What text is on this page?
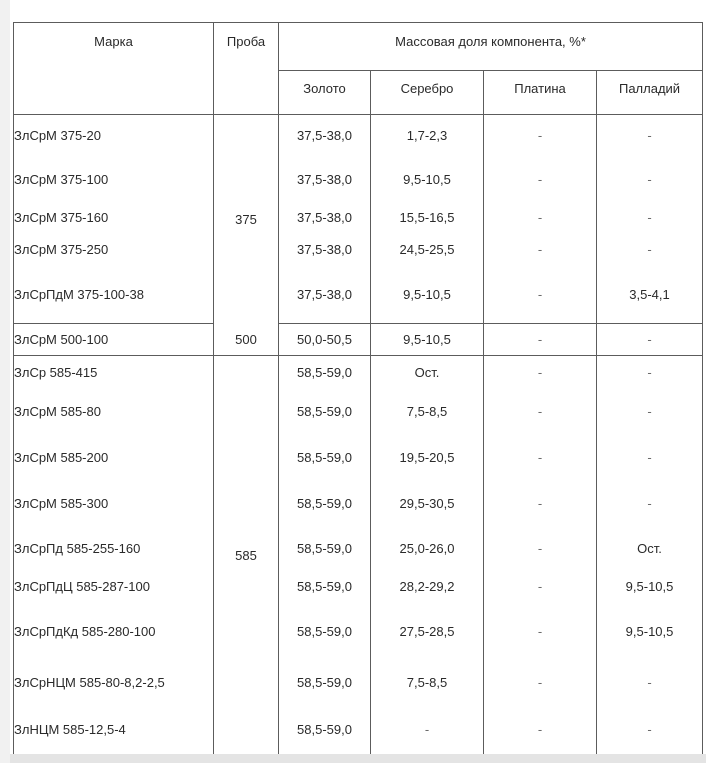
Марка	Проба	Массовая доля компонента, %*			
		Золото	Серебро	Платина	Палладий
ЗлСрМ 375-20	375	37,5-38,0	1,7-2,3	-	-
ЗлСрМ 375-100		37,5-38,0	9,5-10,5	-	-
ЗлСрМ 375-160		37,5-38,0	15,5-16,5	-	-
ЗлСрМ 375-250		37,5-38,0	24,5-25,5	-	-
ЗлСрПдМ 375-100-38		37,5-38,0	9,5-10,5	-	3,5-4,1
ЗлСрМ 500-100	500	50,0-50,5	9,5-10,5	-	-
ЗлСр 585-415	585	58,5-59,0	Ост.	-	-
ЗлСрМ 585-80		58,5-59,0	7,5-8,5	-	-
ЗлСрМ 585-200		58,5-59,0	19,5-20,5	-	-
ЗлСрМ 585-300		58,5-59,0	29,5-30,5	-	-
ЗлСрПд 585-255-160		58,5-59,0	25,0-26,0	-	Ост.
ЗлСрПдЦ 585-287-100		58,5-59,0	28,2-29,2	-	9,5-10,5
ЗлСрПдКд 585-280-100		58,5-59,0	27,5-28,5	-	9,5-10,5
ЗлСрНЦМ 585-80-8,2-2,5		58,5-59,0	7,5-8,5	-	-
ЗлНЦМ 585-12,5-4		58,5-59,0	-	-	-
